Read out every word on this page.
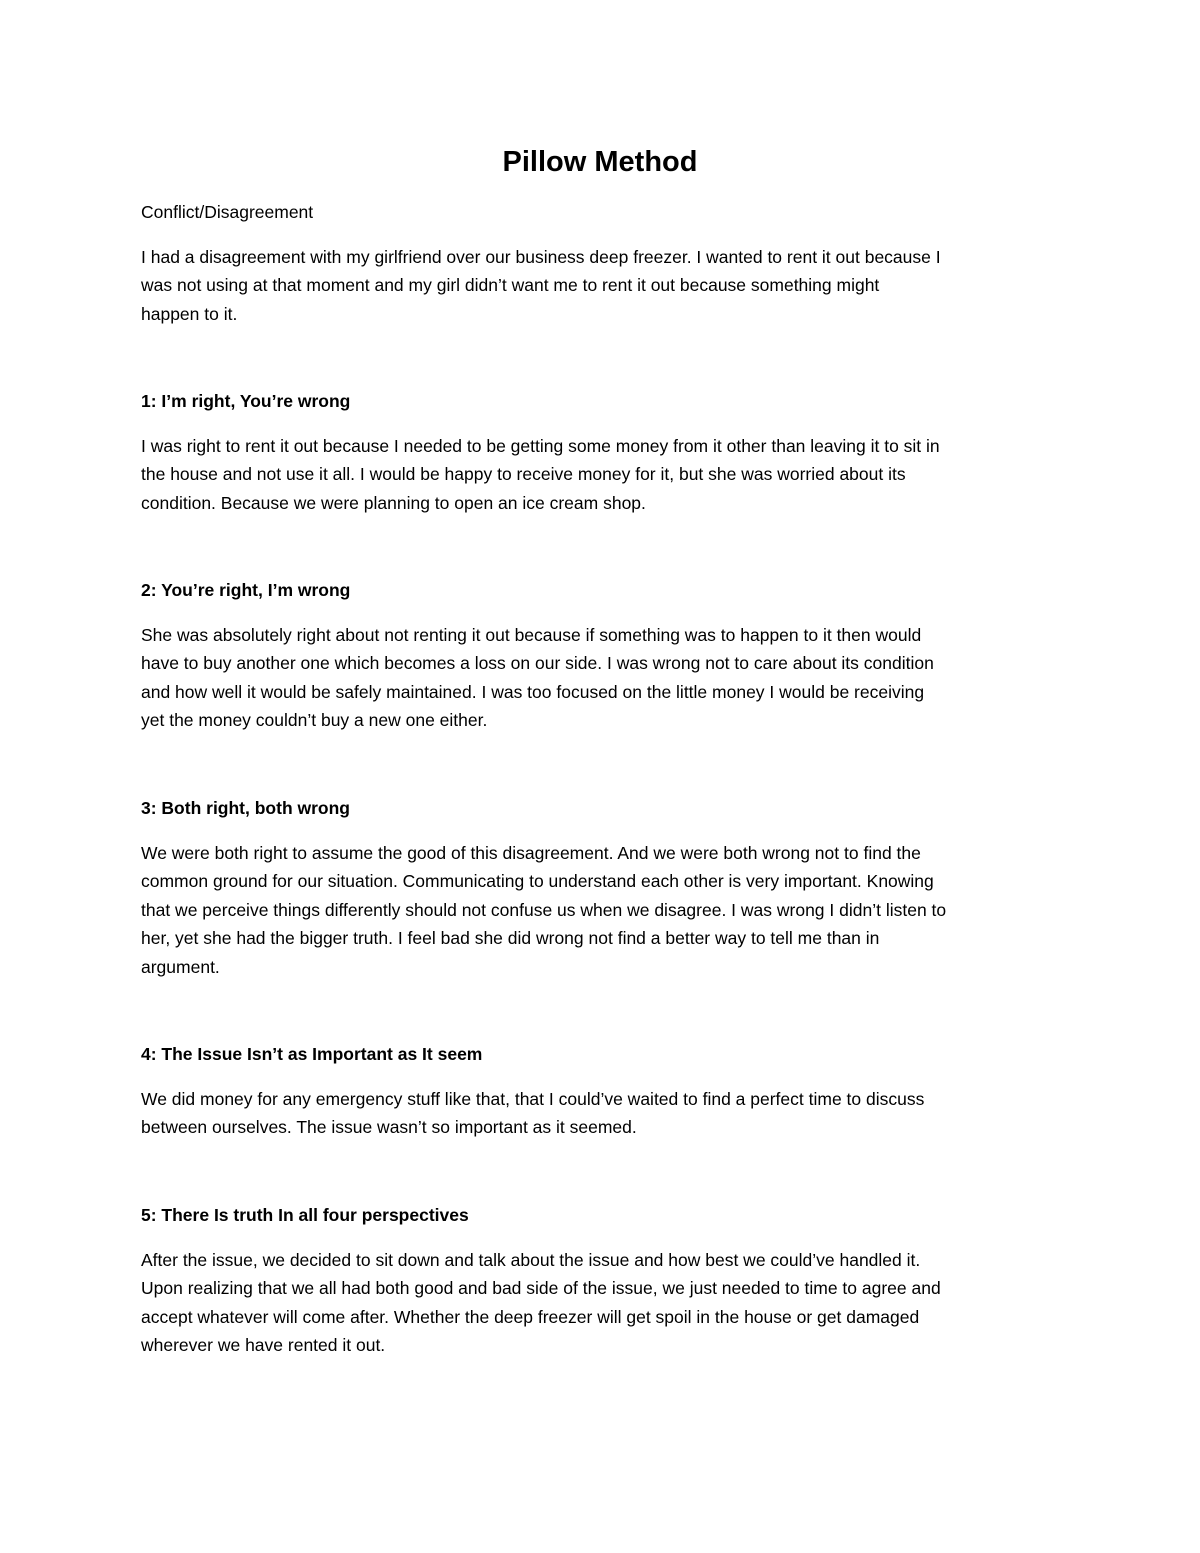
Pillow Method
Conflict/Disagreement
I had a disagreement with my girlfriend over our business deep freezer. I wanted to rent it out because I
was not using at that moment and my girl didn’t want me to rent it out because something might
happen to it.
1: I’m right, You’re wrong
I was right to rent it out because I needed to be getting some money from it other than leaving it to sit in
the house and not use it all. I would be happy to receive money for it, but she was worried about its
condition. Because we were planning to open an ice cream shop.
2: You’re right, I’m wrong
She was absolutely right about not renting it out because if something was to happen to it then would
have to buy another one which becomes a loss on our side. I was wrong not to care about its condition
and how well it would be safely maintained. I was too focused on the little money I would be receiving
yet the money couldn’t buy a new one either.
3: Both right, both wrong
We were both right to assume the good of this disagreement. And we were both wrong not to find the
common ground for our situation. Communicating to understand each other is very important. Knowing
that we perceive things differently should not confuse us when we disagree. I was wrong I didn’t listen to
her, yet she had the bigger truth. I feel bad she did wrong not find a better way to tell me than in
argument.
4: The Issue Isn’t as Important as It seem
We did money for any emergency stuff like that, that I could’ve waited to find a perfect time to discuss
between ourselves. The issue wasn’t so important as it seemed.
5: There Is truth In all four perspectives
After the issue, we decided to sit down and talk about the issue and how best we could’ve handled it.
Upon realizing that we all had both good and bad side of the issue, we just needed to time to agree and
accept whatever will come after. Whether the deep freezer will get spoil in the house or get damaged
wherever we have rented it out.
